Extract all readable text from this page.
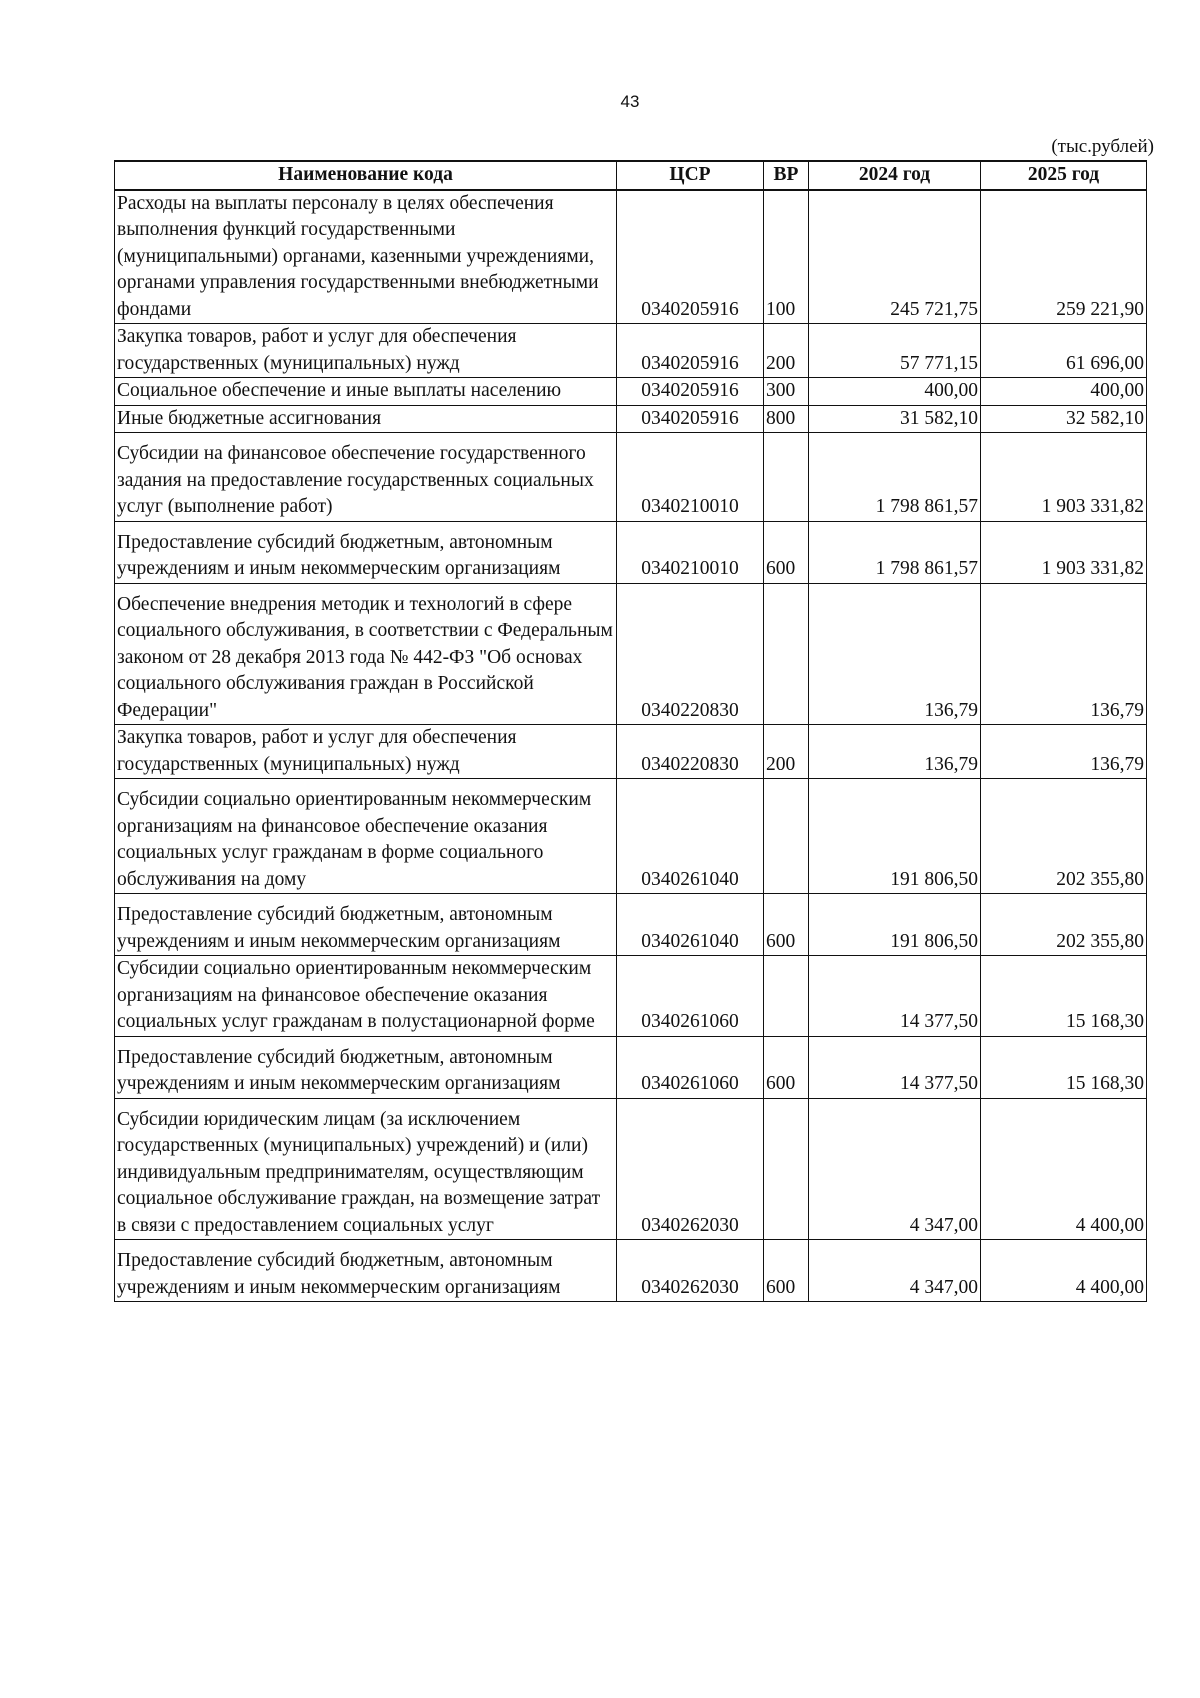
43
(тыс.рублей)
Наименование кода	ЦСР	ВР	2024 год	2025 год
Расходы на выплаты персоналу в целях обеспечения выполнения функций государственными (муниципальными) органами, казенными учреждениями, органами управления государственными внебюджетными фондами	0340205916	100	245 721,75	259 221,90
Закупка товаров, работ и услуг для обеспечения государственных (муниципальных) нужд	0340205916	200	57 771,15	61 696,00
Социальное обеспечение и иные выплаты населению	0340205916	300	400,00	400,00
Иные бюджетные ассигнования	0340205916	800	31 582,10	32 582,10
Субсидии на финансовое обеспечение государственного задания на предоставление государственных социальных услуг (выполнение работ)	0340210010		1 798 861,57	1 903 331,82
Предоставление субсидий бюджетным, автономным учреждениям и иным некоммерческим организациям	0340210010	600	1 798 861,57	1 903 331,82
Обеспечение внедрения методик и технологий в сфере социального обслуживания, в соответствии с Федеральным законом от 28 декабря 2013 года № 442-ФЗ "Об основах социального обслуживания граждан в Российской Федерации"	0340220830		136,79	136,79
Закупка товаров, работ и услуг для обеспечения государственных (муниципальных) нужд	0340220830	200	136,79	136,79
Субсидии социально ориентированным некоммерческим организациям на финансовое обеспечение оказания социальных услуг гражданам в форме социального обслуживания на дому	0340261040		191 806,50	202 355,80
Предоставление субсидий бюджетным, автономным учреждениям и иным некоммерческим организациям	0340261040	600	191 806,50	202 355,80
Субсидии социально ориентированным некоммерческим организациям на финансовое обеспечение оказания социальных услуг гражданам в полустационарной форме	0340261060		14 377,50	15 168,30
Предоставление субсидий бюджетным, автономным учреждениям и иным некоммерческим организациям	0340261060	600	14 377,50	15 168,30
Субсидии юридическим лицам (за исключением государственных (муниципальных) учреждений) и (или) индивидуальным предпринимателям, осуществляющим социальное обслуживание граждан, на возмещение затрат в связи с предоставлением социальных услуг	0340262030		4 347,00	4 400,00
Предоставление субсидий бюджетным, автономным учреждениям и иным некоммерческим организациям	0340262030	600	4 347,00	4 400,00
